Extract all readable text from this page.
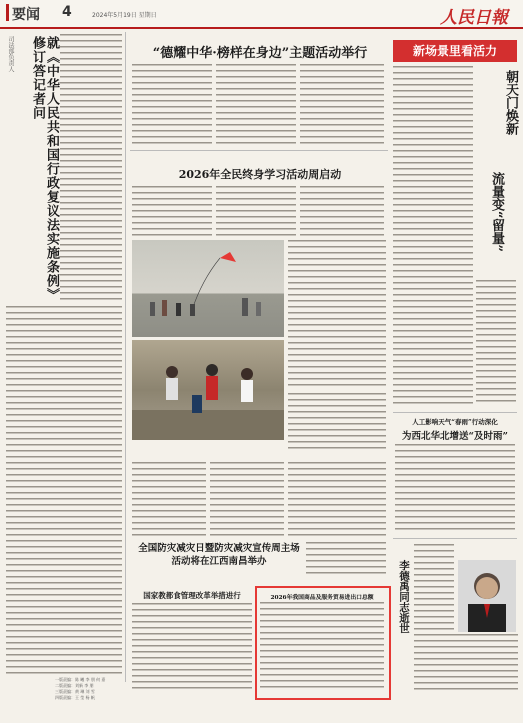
要闻 4	2024年5月19日 星期日	人民日報
司法部负责人	就《中华人民共和国行政复议法实施条例》修订答记者问
一版责编：陈 曦 李 朋 何 嘉
二版责编：刘新 李 朋
三版责编：黄 琳 刘 雪
四版责编：王 莹 杨 帆
“德耀中华·榜样在身边”主题活动举行
2026年全民终身学习活动周启动
全国防灾减灾日暨防灾减灾宣传周主场活动将在江西南昌举办
国家教都食管理改革举措进行	2026年我国商品及服务贸易进出口总额
新场景里看活力
朝天门焕新
流量变“留量”
人工影响天气“春雨”行动深化
为西北华北增送“及时雨”
李德禹同志逝世
